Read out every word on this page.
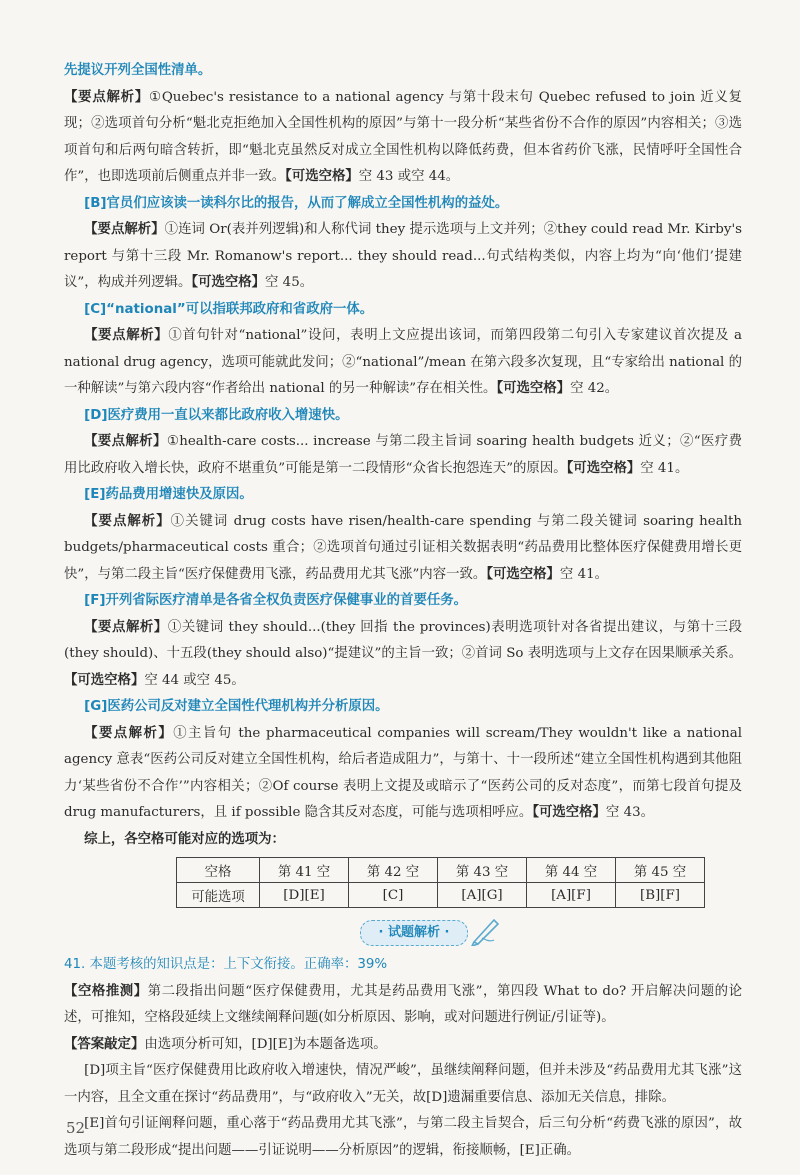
先提议开列全国性清单。

【要点解析】①Quebec's resistance to a national agency 与第十段末句 Quebec refused to join 近义复现；②选项首句分析“魁北克拒绝加入全国性机构的原因”与第十一段分析“某些省份不合作的原因”内容相关；③选项首句和后两句暗含转折，即“魁北克虽然反对成立全国性机构以降低药费，但本省药价飞涨，民情呼吁全国性合作”，也即选项前后侧重点并非一致。【可选空格】空 43 或空 44。

[B]官员们应该读一读科尔比的报告，从而了解成立全国性机构的益处。

【要点解析】①连词 Or(表并列逻辑)和人称代词 they 提示选项与上文并列；②they could read Mr. Kirby's report 与第十三段 Mr. Romanow's report... they should read...句式结构类似，内容上均为“向‘他们’提建议”，构成并列逻辑。【可选空格】空 45。

[C]“national”可以指联邦政府和省政府一体。

【要点解析】①首句针对“national”设问，表明上文应提出该词，而第四段第二句引入专家建议首次提及 a national drug agency，选项可能就此发问；②“national”/mean 在第六段多次复现，且“专家给出 national 的一种解读”与第六段内容“作者给出 national 的另一种解读”存在相关性。【可选空格】空 42。

[D]医疗费用一直以来都比政府收入增速快。

【要点解析】①health-care costs... increase 与第二段主旨词 soaring health budgets 近义；②“医疗费用比政府收入增长快，政府不堪重负”可能是第一二段情形“众省长抱怨连天”的原因。【可选空格】空 41。

[E]药品费用增速快及原因。

【要点解析】①关键词 drug costs have risen/health-care spending 与第二段关键词 soaring health budgets/pharmaceutical costs 重合；②选项首句通过引证相关数据表明“药品费用比整体医疗保健费用增长更快”，与第二段主旨“医疗保健费用飞涨，药品费用尤其飞涨”内容一致。【可选空格】空 41。

[F]开列省际医疗清单是各省全权负责医疗保健事业的首要任务。

【要点解析】①关键词 they should...(they 回指 the provinces)表明选项针对各省提出建议，与第十三段(they should)、十五段(they should also)“提建议”的主旨一致；②首词 So 表明选项与上文存在因果顺承关系。【可选空格】空 44 或空 45。

[G]医药公司反对建立全国性代理机构并分析原因。

【要点解析】①主旨句 the pharmaceutical companies will scream/They wouldn't like a national agency 意表“医药公司反对建立全国性机构，给后者造成阻力”，与第十、十一段所述“建立全国性机构遇到其他阻力‘某些省份不合作’”内容相关；②Of course 表明上文提及或暗示了“医药公司的反对态度”，而第七段首句提及 drug manufacturers，且 if possible 隐含其反对态度，可能与选项相呼应。【可选空格】空 43。

综上，各空格可能对应的选项为：

空格	第 41 空	第 42 空	第 43 空	第 44 空	第 45 空
可能选项	[D][E]	[C]	[A][G]	[A][F]	[B][F]
· 试题解析 ·

41. 本题考核的知识点是：上下文衔接。正确率：39%

【空格推测】第二段指出问题“医疗保健费用，尤其是药品费用飞涨”，第四段 What to do? 开启解决问题的论述，可推知，空格段延续上文继续阐释问题(如分析原因、影响，或对问题进行例证/引证等)。

【答案敲定】由选项分析可知，[D][E]为本题备选项。

[D]项主旨“医疗保健费用比政府收入增速快，情况严峻”，虽继续阐释问题，但并未涉及“药品费用尤其飞涨”这一内容，且全文重在探讨“药品费用”，与“政府收入”无关，故[D]遗漏重要信息、添加无关信息，排除。

[E]首句引证阐释问题，重心落于“药品费用尤其飞涨”，与第二段主旨契合，后三句分析“药费飞涨的原因”，故选项与第二段形成“提出问题——引证说明——分析原因”的逻辑，衔接顺畅，[E]正确。

52
